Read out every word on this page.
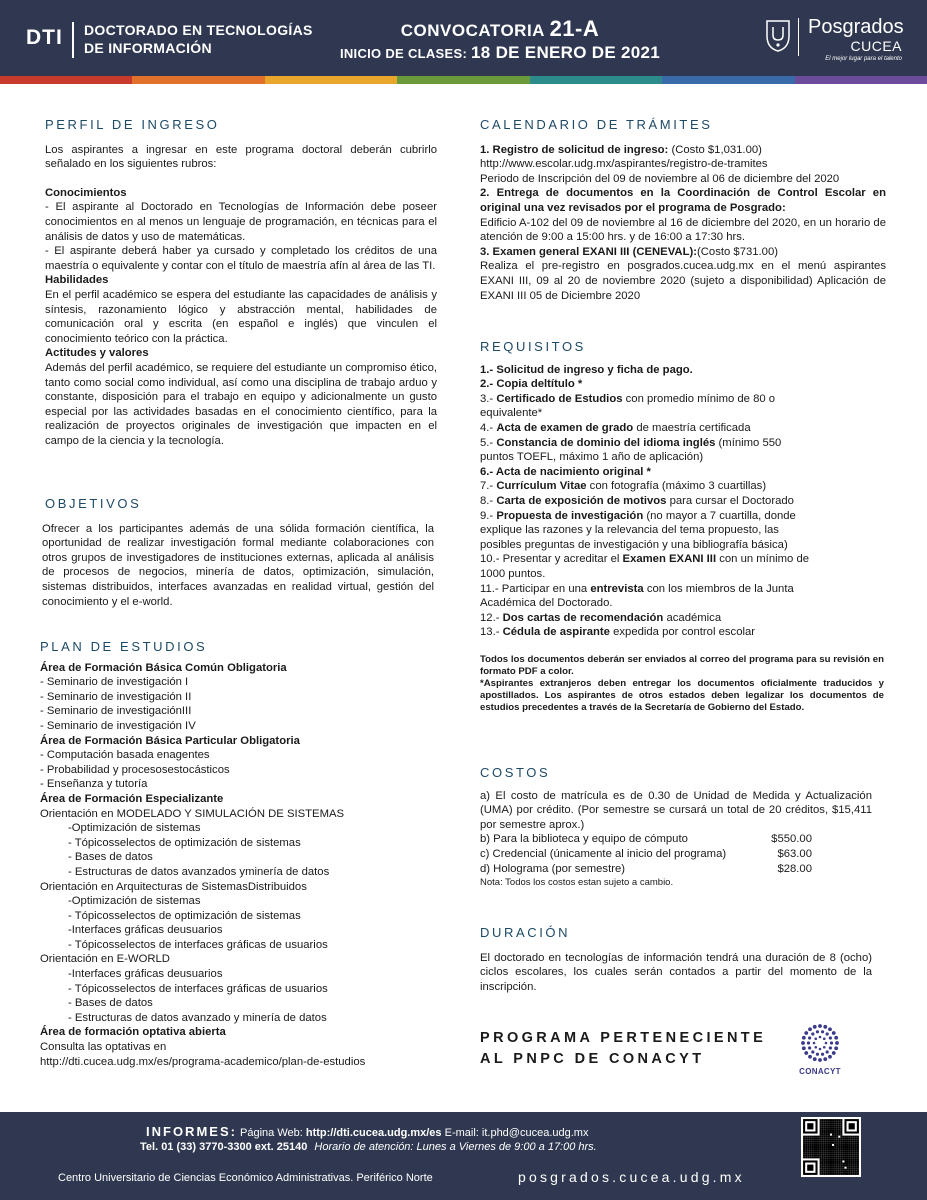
DTI DOCTORADO EN TECNOLOGÍAS
DE INFORMACIÓN
CONVOCATORIA 21-A
INICIO DE CLASES: 18 DE ENERO DE 2021
Posgrados
CUCEA
El mejor lugar para el talento
PERFIL DE INGRESO

Los aspirantes a ingresar en este programa doctoral deberán cubrirlo señalado en los siguientes rubros:

Conocimientos

- El aspirante al Doctorado en Tecnologías de Información debe poseer conocimientos en al menos un lenguaje de programación, en técnicas para el análisis de datos y uso de matemáticas.

- El aspirante deberá haber ya cursado y completado los créditos de una maestría o equivalente y contar con el título de maestría afín al área de las TI.

Habilidades

En el perfil académico se espera del estudiante las capacidades de análisis y síntesis, razonamiento lógico y abstracción mental, habilidades de comunicación oral y escrita (en español e inglés) que vinculen el conocimiento teórico con la práctica.

Actitudes y valores

Además del perfil académico, se requiere del estudiante un compromiso ético, tanto como social como individual, así como una disciplina de trabajo arduo y constante, disposición para el trabajo en equipo y adicionalmente un gusto especial por las actividades basadas en el conocimiento científico, para la realización de proyectos originales de investigación que impacten en el campo de la ciencia y la tecnología.

OBJETIVOS

Ofrecer a los participantes además de una sólida formación científica, la oportunidad de realizar investigación formal mediante colaboraciones con otros grupos de investigadores de instituciones externas, aplicada al análisis de procesos de negocios, minería de datos, optimización, simulación, sistemas distribuidos, interfaces avanzadas en realidad virtual, gestión del conocimiento y el e-world.

PLAN DE ESTUDIOS
Área de Formación Básica Común Obligatoria
- Seminario de investigación I
- Seminario de investigación II
- Seminario de investigaciónIII
- Seminario de investigación IV
Área de Formación Básica Particular Obligatoria
- Computación basada enagentes
- Probabilidad y procesosestocásticos
- Enseñanza y tutoría
Área de Formación Especializante
Orientación en MODELADO Y SIMULACIÓN DE SISTEMAS
-Optimización de sistemas
- Tópicosselectos de optimización de sistemas
- Bases de datos
- Estructuras de datos avanzados yminería de datos
Orientación en Arquitecturas de SistemasDistribuidos
-Optimización de sistemas
- Tópicosselectos de optimización de sistemas
-Interfaces gráficas deusuarios
- Tópicosselectos de interfaces gráficas de usuarios
Orientación en E-WORLD
-Interfaces gráficas deusuarios
- Tópicosselectos de interfaces gráficas de usuarios
- Bases de datos
- Estructuras de datos avanzado y minería de datos
Área de formación optativa abierta
Consulta las optativas en
http://dti.cucea.udg.mx/es/programa-academico/plan-de-estudios
CALENDARIO DE TRÁMITES
1. Registro de solicitud de ingreso: (Costo $1,031.00)
http://www.escolar.udg.mx/aspirantes/registro-de-tramites
Periodo de Inscripción del 09 de noviembre al 06 de diciembre del 2020

2. Entrega de documentos en la Coordinación de Control Escolar en original una vez revisados por el programa de Posgrado:

Edificio A-102 del 09 de noviembre al 16 de diciembre del 2020, en un horario de atención de 9:00 a 15:00 hrs. y de 16:00 a 17:30 hrs.

3. Examen general EXANI III (CENEVAL):(Costo $731.00)

Realiza el pre-registro en posgrados.cucea.udg.mx en el menú aspirantes EXANI III, 09 al 20 de noviembre 2020 (sujeto a disponibilidad) Aplicación de EXANI III 05 de Diciembre 2020

REQUISITOS
1.- Solicitud de ingreso y ficha de pago.
2.- Copia deltítulo *
3.- Certificado de Estudios con promedio mínimo de 80 o equivalente*
4.- Acta de examen de grado de maestría certificada
5.- Constancia de dominio del idioma inglés (mínimo 550 puntos TOEFL, máximo 1 año de aplicación)
6.- Acta de nacimiento original *
7.- Currículum Vitae con fotografía (máximo 3 cuartillas)
8.- Carta de exposición de motivos para cursar el Doctorado
9.- Propuesta de investigación (no mayor a 7 cuartilla, donde explique las razones y la relevancia del tema propuesto, las posibles preguntas de investigación y una bibliografía básica)
10.- Presentar y acreditar el Examen EXANI III con un mínimo de 1000 puntos.
11.- Participar en una entrevista con los miembros de la Junta Académica del Doctorado.
12.- Dos cartas de recomendación académica
13.- Cédula de aspirante expedida por control escolar

Todos los documentos deberán ser enviados al correo del programa para su revisión en formato PDF a color.

*Aspirantes extranjeros deben entregar los documentos oficialmente traducidos y apostillados. Los aspirantes de otros estados deben legalizar los documentos de estudios precedentes a través de la Secretaría de Gobierno del Estado.

COSTOS

a) El costo de matrícula es de 0.30 de Unidad de Medida y Actualización (UMA) por crédito. (Por semestre se cursará un total de 20 créditos, $15,411 por semestre aprox.)

b) Para la biblioteca y equipo de cómputo	$550.00
c) Credencial (únicamente al inicio del programa)	$63.00
d) Holograma (por semestre)	$28.00
Nota: Todos los costos estan sujeto a cambio.
DURACIÓN

El doctorado en tecnologías de información tendrá una duración de 8 (ocho) ciclos escolares, los cuales serán contados a partir del momento de la inscripción.

PROGRAMA PERTENECIENTE
AL PNPC DE CONACYT
CONACYT
INFORMES: Página Web: http://dti.cucea.udg.mx/es E-mail: it.phd@cucea.udg.mx
Tel. 01 (33) 3770-3300 ext. 25140 Horario de atención: Lunes a Viernes de 9:00 a 17:00 hrs.
Centro Universitario de Ciencias Económico Administrativas. Periférico Norte	posgrados.cucea.udg.mx
